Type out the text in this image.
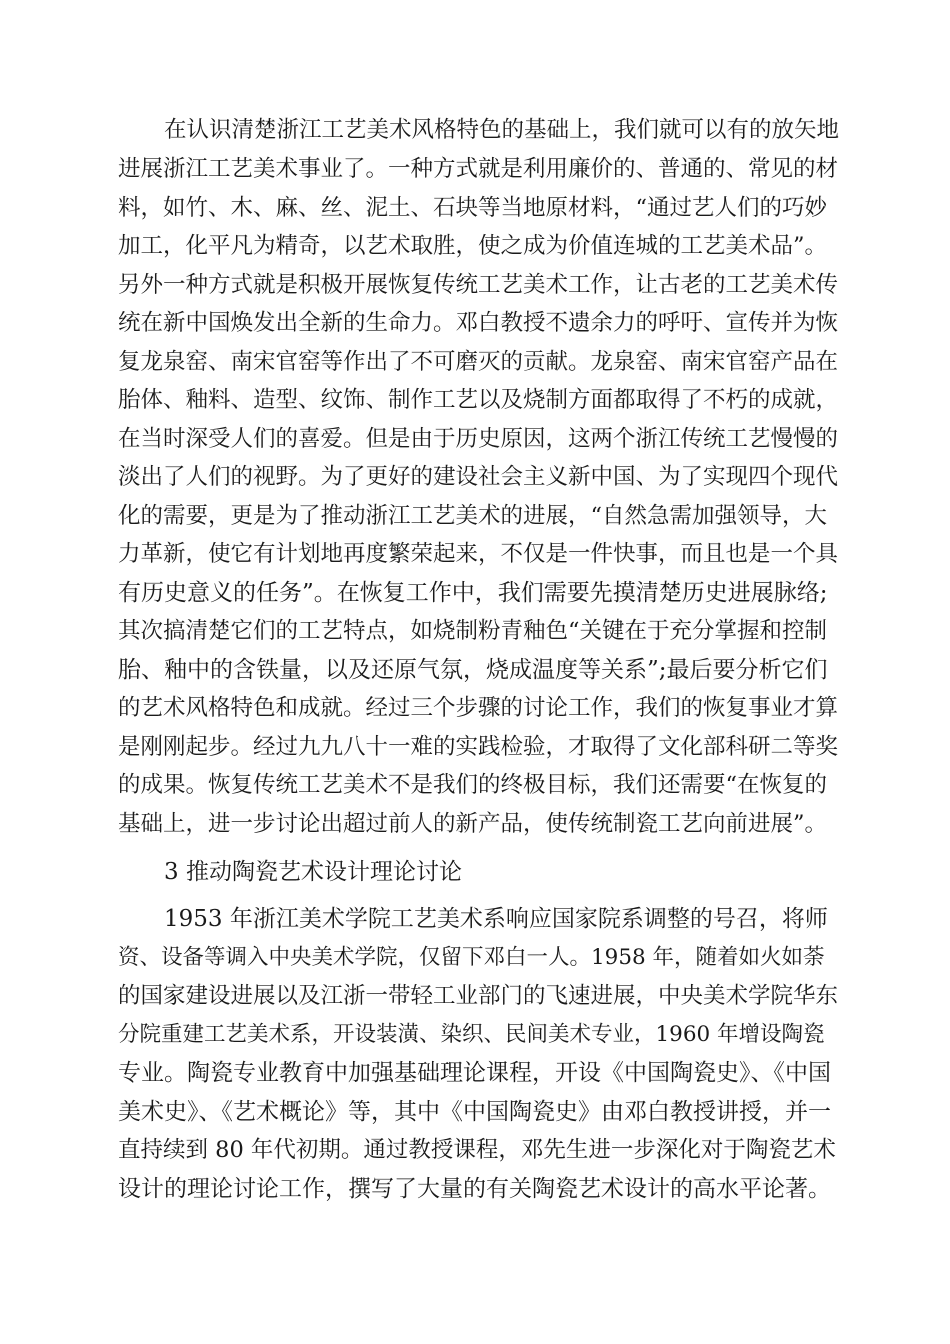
在认识清楚浙江工艺美术风格特色的基础上，我们就可以有的放矢地
进展浙江工艺美术事业了。一种方式就是利用廉价的、普通的、常见的材
料，如竹、木、麻、丝、泥土、石块等当地原材料，“通过艺人们的巧妙
加工，化平凡为精奇，以艺术取胜，使之成为价值连城的工艺美术品”。
另外一种方式就是积极开展恢复传统工艺美术工作，让古老的工艺美术传
统在新中国焕发出全新的生命力。邓白教授不遗余力的呼吁、宣传并为恢
复龙泉窑、南宋官窑等作出了不可磨灭的贡献。龙泉窑、南宋官窑产品在
胎体、釉料、造型、纹饰、制作工艺以及烧制方面都取得了不朽的成就，
在当时深受人们的喜爱。但是由于历史原因，这两个浙江传统工艺慢慢的
淡出了人们的视野。为了更好的建设社会主义新中国、为了实现四个现代
化的需要，更是为了推动浙江工艺美术的进展，“自然急需加强领导，大
力革新，使它有计划地再度繁荣起来，不仅是一件快事，而且也是一个具
有历史意义的任务”。在恢复工作中，我们需要先摸清楚历史进展脉络;
其次搞清楚它们的工艺特点，如烧制粉青釉色“关键在于充分掌握和控制
胎、釉中的含铁量，以及还原气氛，烧成温度等关系”;最后要分析它们
的艺术风格特色和成就。经过三个步骤的讨论工作，我们的恢复事业才算
是刚刚起步。经过九九八十一难的实践检验，才取得了文化部科研二等奖
的成果。恢复传统工艺美术不是我们的终极目标，我们还需要“在恢复的
基础上，进一步讨论出超过前人的新产品，使传统制瓷工艺向前进展”。
3 推动陶瓷艺术设计理论讨论
1953 年浙江美术学院工艺美术系响应国家院系调整的号召，将师
资、设备等调入中央美术学院，仅留下邓白一人。1958 年，随着如火如荼
的国家建设进展以及江浙一带轻工业部门的飞速进展，中央美术学院华东
分院重建工艺美术系，开设装潢、染织、民间美术专业，1960 年增设陶瓷
专业。陶瓷专业教育中加强基础理论课程，开设《中国陶瓷史》、《中国
美术史》、《艺术概论》等，其中《中国陶瓷史》由邓白教授讲授，并一
直持续到 80 年代初期。通过教授课程，邓先生进一步深化对于陶瓷艺术
设计的理论讨论工作，撰写了大量的有关陶瓷艺术设计的高水平论著。
